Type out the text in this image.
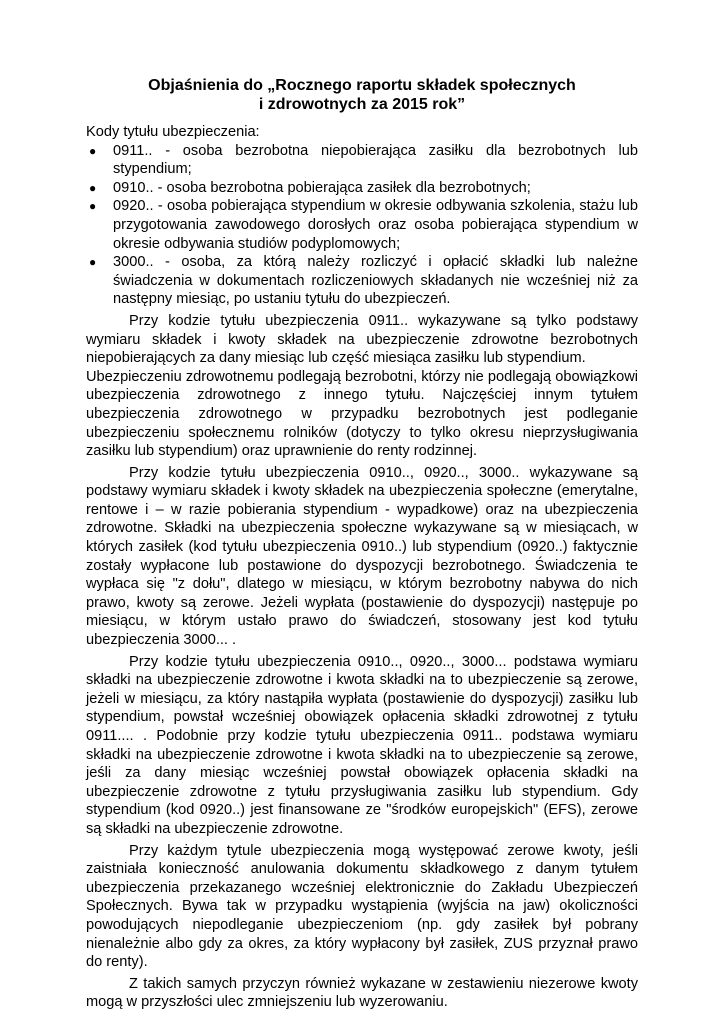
Objaśnienia do „Rocznego raportu składek społecznych
i zdrowotnych za 2015 rok”

Kody tytułu ubezpieczenia:

● 0911.. - osoba bezrobotna niepobierająca zasiłku dla bezrobotnych lub stypendium;
● 0910.. - osoba bezrobotna pobierająca zasiłek dla bezrobotnych;
● 0920.. - osoba pobierająca stypendium w okresie odbywania szkolenia, stażu lub przygotowania zawodowego dorosłych oraz osoba pobierająca stypendium w okresie odbywania studiów podyplomowych;
● 3000.. - osoba, za którą należy rozliczyć i opłacić składki lub należne świadczenia w dokumentach rozliczeniowych składanych nie wcześniej niż za następny miesiąc, po ustaniu tytułu do ubezpieczeń.

Przy kodzie tytułu ubezpieczenia 0911.. wykazywane są tylko podstawy wymiaru składek i kwoty składek na ubezpieczenie zdrowotne bezrobotnych niepobierających za dany miesiąc lub część miesiąca zasiłku lub stypendium.

Ubezpieczeniu zdrowotnemu podlegają bezrobotni, którzy nie podlegają obowiązkowi ubezpieczenia zdrowotnego z innego tytułu. Najczęściej innym tytułem ubezpieczenia zdrowotnego w przypadku bezrobotnych jest podleganie ubezpieczeniu społecznemu rolników (dotyczy to tylko okresu nieprzysługiwania zasiłku lub stypendium) oraz uprawnienie do renty rodzinnej.

Przy kodzie tytułu ubezpieczenia 0910.., 0920.., 3000.. wykazywane są podstawy wymiaru składek i kwoty składek na ubezpieczenia społeczne (emerytalne, rentowe i – w razie pobierania stypendium - wypadkowe) oraz na ubezpieczenia zdrowotne. Składki na ubezpieczenia społeczne wykazywane są w miesiącach, w których zasiłek (kod tytułu ubezpieczenia 0910..) lub stypendium (0920..) faktycznie zostały wypłacone lub postawione do dyspozycji bezrobotnego. Świadczenia te wypłaca się "z dołu", dlatego w miesiącu, w którym bezrobotny nabywa do nich prawo, kwoty są zerowe. Jeżeli wypłata (postawienie do dyspozycji) następuje po miesiącu, w którym ustało prawo do świadczeń, stosowany jest kod tytułu ubezpieczenia 3000... .

Przy kodzie tytułu ubezpieczenia 0910.., 0920.., 3000... podstawa wymiaru składki na ubezpieczenie zdrowotne i kwota składki na to ubezpieczenie są zerowe, jeżeli w miesiącu, za który nastąpiła wypłata (postawienie do dyspozycji) zasiłku lub stypendium, powstał wcześniej obowiązek opłacenia składki zdrowotnej z tytułu 0911.... . Podobnie przy kodzie tytułu ubezpieczenia 0911.. podstawa wymiaru składki na ubezpieczenie zdrowotne i kwota składki na to ubezpieczenie są zerowe, jeśli za dany miesiąc wcześniej powstał obowiązek opłacenia składki na ubezpieczenie zdrowotne z tytułu przysługiwania zasiłku lub stypendium. Gdy stypendium (kod 0920..) jest finansowane ze "środków europejskich" (EFS), zerowe są składki na ubezpieczenie zdrowotne.

Przy każdym tytule ubezpieczenia mogą występować zerowe kwoty, jeśli zaistniała konieczność anulowania dokumentu składkowego z danym tytułem ubezpieczenia przekazanego wcześniej elektronicznie do Zakładu Ubezpieczeń Społecznych. Bywa tak w przypadku wystąpienia (wyjścia na jaw) okoliczności powodujących niepodleganie ubezpieczeniom (np. gdy zasiłek był pobrany nienależnie albo gdy za okres, za który wypłacony był zasiłek, ZUS przyznał prawo do renty).

Z takich samych przyczyn również wykazane w zestawieniu niezerowe kwoty mogą w przyszłości ulec zmniejszeniu lub wyzerowaniu.
